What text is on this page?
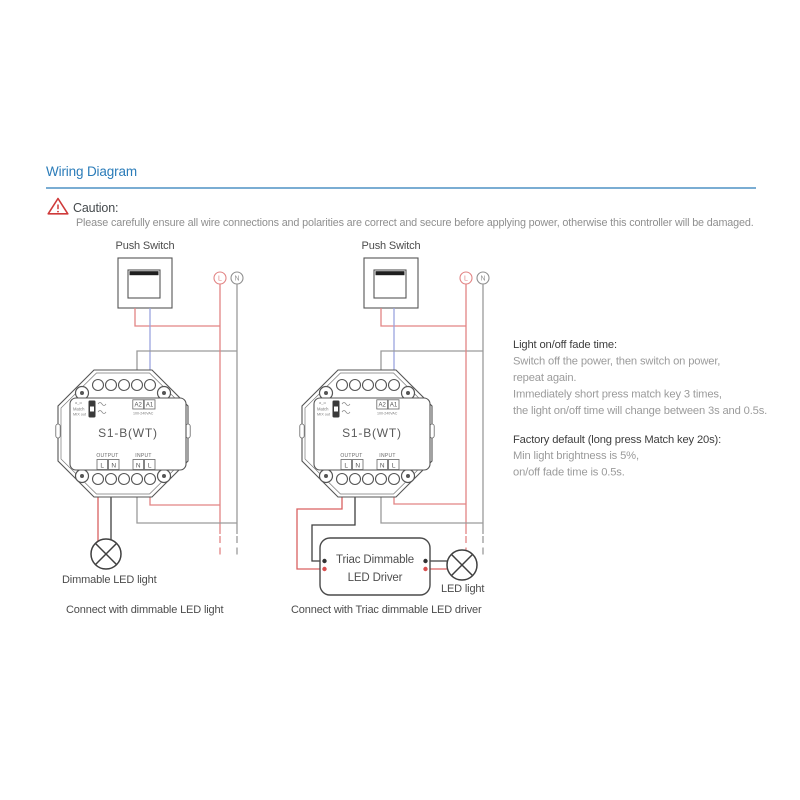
Wiring Diagram
Caution:
Please carefully ensure all wire connections and polarities are correct and secure before applying power, otherwise this controller will be damaged.
Push Switch
L N
o_o
Match
MIX out
A2 A1
100-240VAC
S1-B(WT)
OUTPUT	INPUT
L N	N L
Dimmable LED light
Connect with dimmable LED light
Push Switch
L N
o_o
Match
MIX out
A2 A1
100-240VAC
S1-B(WT)
OUTPUT	INPUT
L N	N L
Triac Dimmable
LED Driver
LED light
Connect with Triac dimmable LED driver
Light on/off fade time:
Switch off the power, then switch on power,
repeat again.
Immediately short press match key 3 times,
the light on/off time will change between 3s and 0.5s.
Factory default (long press Match key 20s):
Min light brightness is 5%,
on/off fade time is 0.5s.
